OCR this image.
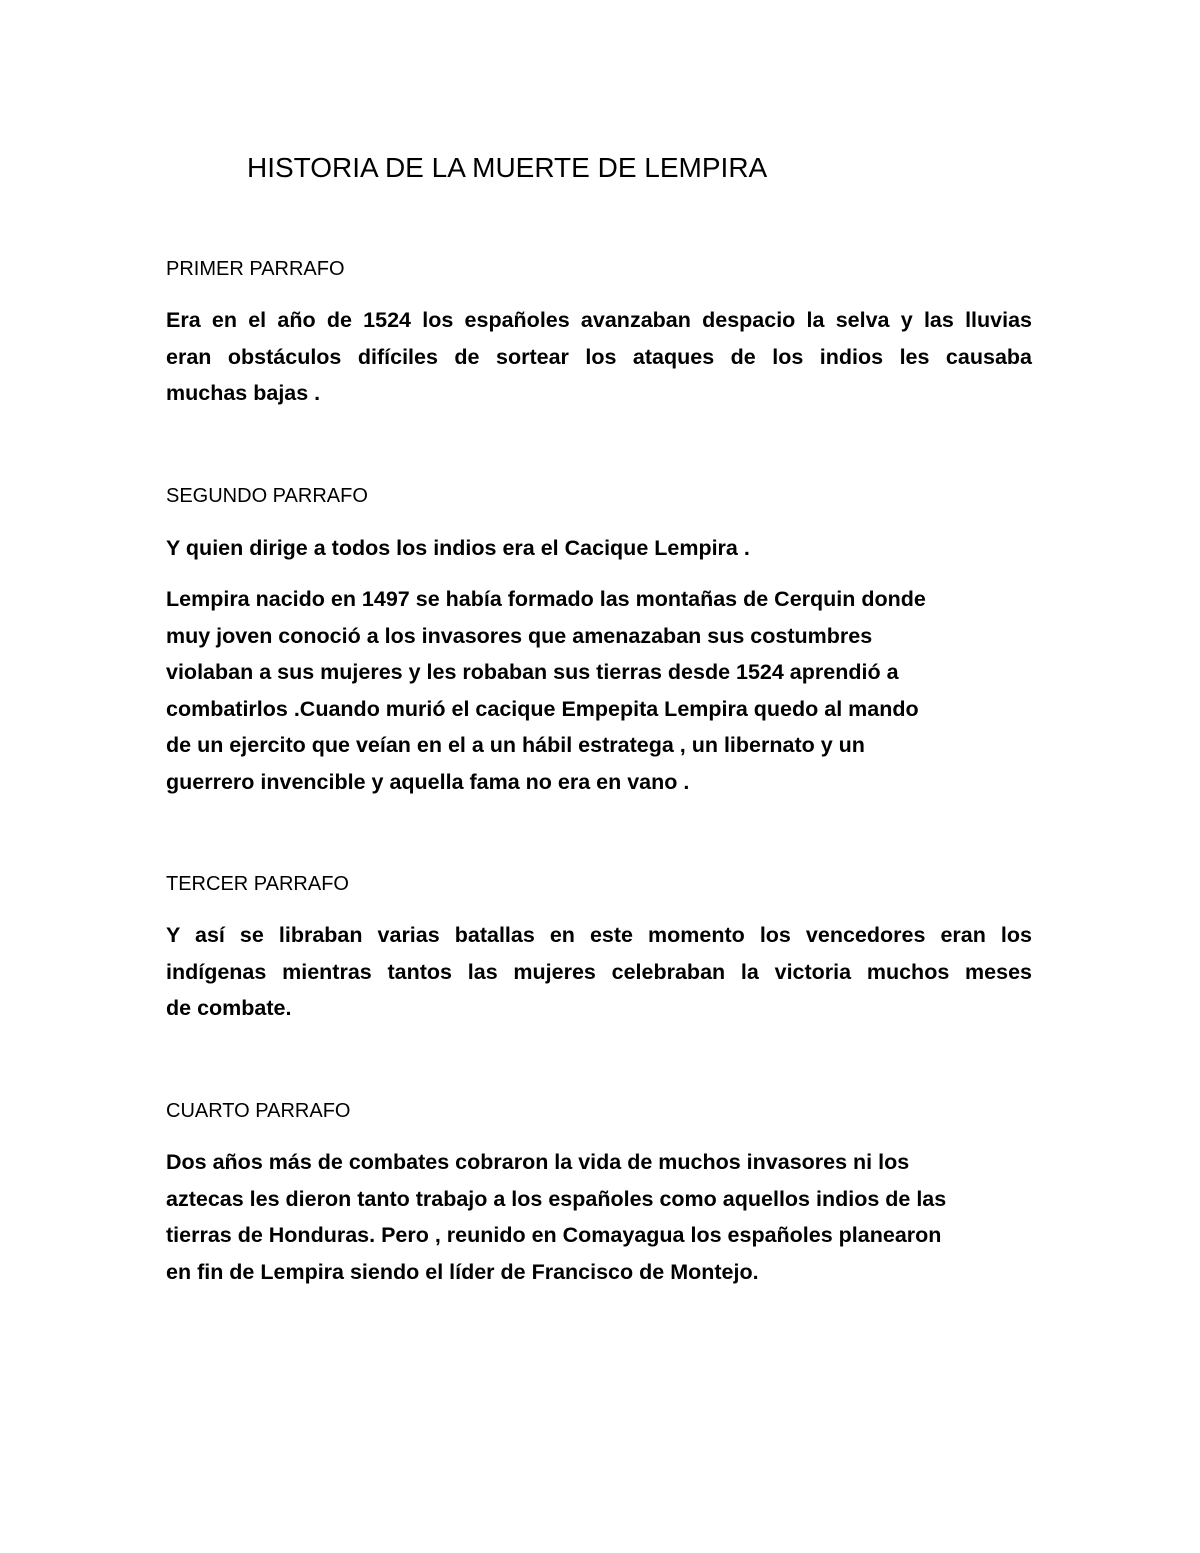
HISTORIA DE LA MUERTE DE LEMPIRA
PRIMER PARRAFO
Era en el año de 1524 los españoles avanzaban despacio la selva y las lluvias
eran obstáculos difíciles de sortear los ataques de los indios les causaba
muchas bajas .
SEGUNDO PARRAFO
Y quien dirige a todos los indios era el Cacique Lempira .
Lempira nacido en 1497 se había formado las montañas de Cerquin donde
muy joven conoció a los invasores que amenazaban sus costumbres
violaban a sus mujeres y les robaban sus tierras desde 1524 aprendió a
combatirlos .Cuando murió el cacique Empepita Lempira quedo al mando
de un ejercito que veían en el a un hábil estratega , un libernato y un
guerrero invencible y aquella fama no era en vano .
TERCER PARRAFO
Y así se libraban varias batallas en este momento los vencedores eran los
indígenas mientras tantos las mujeres celebraban la victoria muchos meses
de combate.
CUARTO PARRAFO
Dos años más de combates cobraron la vida de muchos invasores ni los
aztecas les dieron tanto trabajo a los españoles como aquellos indios de las
tierras de Honduras. Pero , reunido en Comayagua los españoles planearon
en fin de Lempira siendo el líder de Francisco de Montejo.
